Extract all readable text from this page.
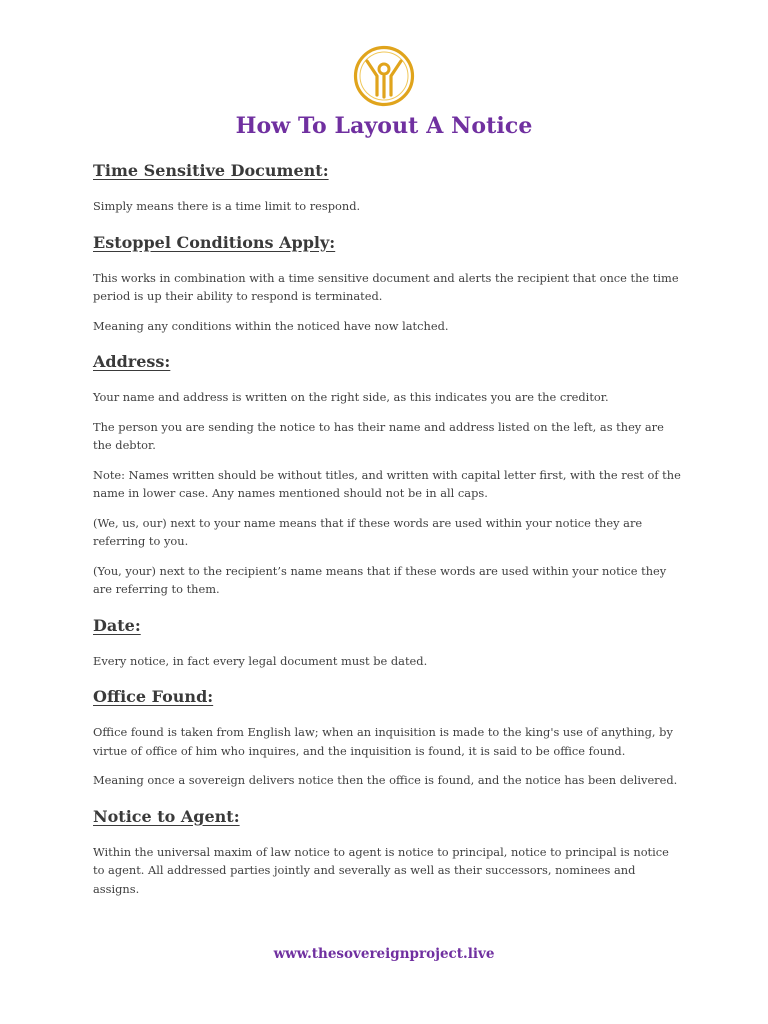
How To Layout A Notice
Time Sensitive Document:

Simply means there is a time limit to respond.

Estoppel Conditions Apply:

This works in combination with a time sensitive document and alerts the recipient that once the time period is up their ability to respond is terminated.

Meaning any conditions within the noticed have now latched.

Address:

Your name and address is written on the right side, as this indicates you are the creditor.

The person you are sending the notice to has their name and address listed on the left, as they are the debtor.

Note: Names written should be without titles, and written with capital letter first, with the rest of the name in lower case. Any names mentioned should not be in all caps.

(We, us, our) next to your name means that if these words are used within your notice they are referring to you.

(You, your) next to the recipient’s name means that if these words are used within your notice they are referring to them.

Date:

Every notice, in fact every legal document must be dated.

Office Found:

Office found is taken from English law; when an inquisition is made to the king's use of anything, by virtue of office of him who inquires, and the inquisition is found, it is said to be office found.

Meaning once a sovereign delivers notice then the office is found, and the notice has been delivered.

Notice to Agent:

Within the universal maxim of law notice to agent is notice to principal, notice to principal is notice to agent. All addressed parties jointly and severally as well as their successors, nominees and assigns.

www.thesovereignproject.live
